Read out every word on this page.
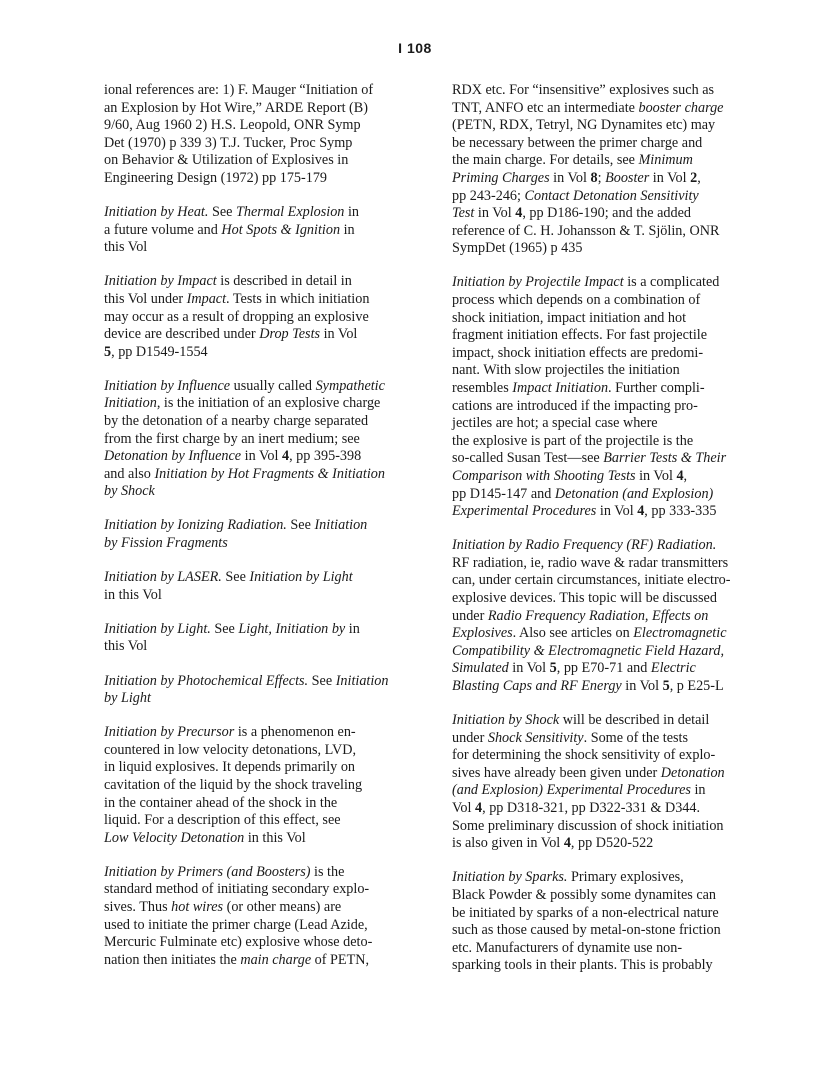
I 108
ional references are: 1) F. Mauger “Initiation of
an Explosion by Hot Wire,” ARDE Report (B)
9/60, Aug 1960 2) H.S. Leopold, ONR Symp
Det (1970) p 339 3) T.J. Tucker, Proc Symp
on Behavior & Utilization of Explosives in
Engineering Design (1972) pp 175-179
Initiation by Heat. See Thermal Explosion in
a future volume and Hot Spots & Ignition in
this Vol
Initiation by Impact is described in detail in
this Vol under Impact. Tests in which initiation
may occur as a result of dropping an explosive
device are described under Drop Tests in Vol
5, pp D1549-1554
Initiation by Influence usually called Sympathetic
Initiation, is the initiation of an explosive charge
by the detonation of a nearby charge separated
from the first charge by an inert medium; see
Detonation by Influence in Vol 4, pp 395-398
and also Initiation by Hot Fragments & Initiation
by Shock
Initiation by Ionizing Radiation. See Initiation
by Fission Fragments
Initiation by LASER. See Initiation by Light
in this Vol
Initiation by Light. See Light, Initiation by in
this Vol
Initiation by Photochemical Effects. See Initiation
by Light
Initiation by Precursor is a phenomenon en-
countered in low velocity detonations, LVD,
in liquid explosives. It depends primarily on
cavitation of the liquid by the shock traveling
in the container ahead of the shock in the
liquid. For a description of this effect, see
Low Velocity Detonation in this Vol
Initiation by Primers (and Boosters) is the
standard method of initiating secondary explo-
sives. Thus hot wires (or other means) are
used to initiate the primer charge (Lead Azide,
Mercuric Fulminate etc) explosive whose deto-
nation then initiates the main charge of PETN,
RDX etc. For “insensitive” explosives such as
TNT, ANFO etc an intermediate booster charge
(PETN, RDX, Tetryl, NG Dynamites etc) may
be necessary between the primer charge and
the main charge. For details, see Minimum
Priming Charges in Vol 8; Booster in Vol 2,
pp 243-246; Contact Detonation Sensitivity
Test in Vol 4, pp D186-190; and the added
reference of C. H. Johansson & T. Sjölin, ONR
SympDet (1965) p 435
Initiation by Projectile Impact is a complicated
process which depends on a combination of
shock initiation, impact initiation and hot
fragment initiation effects. For fast projectile
impact, shock initiation effects are predomi-
nant. With slow projectiles the initiation
resembles Impact Initiation. Further compli-
cations are introduced if the impacting pro-
jectiles are hot; a special case where
the explosive is part of the projectile is the
so-called Susan Test—see Barrier Tests & Their
Comparison with Shooting Tests in Vol 4,
pp D145-147 and Detonation (and Explosion)
Experimental Procedures in Vol 4, pp 333-335
Initiation by Radio Frequency (RF) Radiation.
RF radiation, ie, radio wave & radar transmitters
can, under certain circumstances, initiate electro-
explosive devices. This topic will be discussed
under Radio Frequency Radiation, Effects on
Explosives. Also see articles on Electromagnetic
Compatibility & Electromagnetic Field Hazard,
Simulated in Vol 5, pp E70-71 and Electric
Blasting Caps and RF Energy in Vol 5, p E25-L
Initiation by Shock will be described in detail
under Shock Sensitivity. Some of the tests
for determining the shock sensitivity of explo-
sives have already been given under Detonation
(and Explosion) Experimental Procedures in
Vol 4, pp D318-321, pp D322-331 & D344.
Some preliminary discussion of shock initiation
is also given in Vol 4, pp D520-522
Initiation by Sparks. Primary explosives,
Black Powder & possibly some dynamites can
be initiated by sparks of a non-electrical nature
such as those caused by metal-on-stone friction
etc. Manufacturers of dynamite use non-
sparking tools in their plants. This is probably
